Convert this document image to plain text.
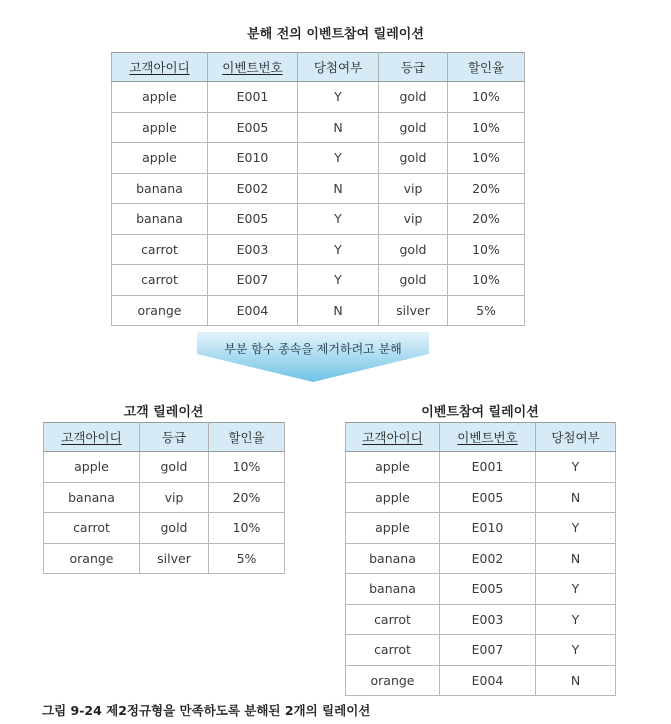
분해 전의 이벤트참여 릴레이션
고객아이디	이벤트번호	당첨여부	등급	할인율
apple	E001	Y	gold	10%
apple	E005	N	gold	10%
apple	E010	Y	gold	10%
banana	E002	N	vip	20%
banana	E005	Y	vip	20%
carrot	E003	Y	gold	10%
carrot	E007	Y	gold	10%
orange	E004	N	silver	5%
부분 함수 종속을 제거하려고 분해
고객 릴레이션
고객아이디	등급	할인율
apple	gold	10%
banana	vip	20%
carrot	gold	10%
orange	silver	5%
이벤트참여 릴레이션
고객아이디	이벤트번호	당첨여부
apple	E001	Y
apple	E005	N
apple	E010	Y
banana	E002	N
banana	E005	Y
carrot	E003	Y
carrot	E007	Y
orange	E004	N
그림 9-24 제2정규형을 만족하도록 분해된 2개의 릴레이션
